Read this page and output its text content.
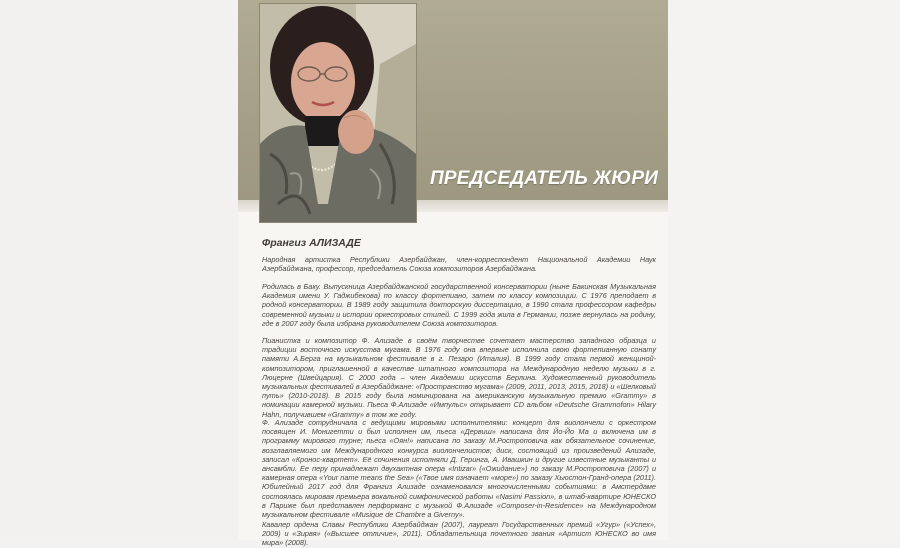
ПРЕДСЕДАТЕЛЬ ЖЮРИ
Франгиз АЛИЗАДЕ
Народная артистка Республики Азербайджан, член-корреспондент Национальной Академии Наук Азербайджана, профессор, председатель Союза композиторов Азербайджана.
Родилась в Баку. Выпускница Азербайджанской государственной консерватории (ныне Бакинская Музыкальная Академия имени У. Гаджибекова) по классу фортепиано, затем по классу композиции. С 1976 преподает в родной консерватории. В 1989 году защитила докторскую диссертацию, в 1990 стала профессором кафедры современной музыки и истории оркестровых стилей. С 1999 года жила в Германии, позже вернулась на родину, где в 2007 году была избрана руководителем Союза композиторов.
Пианистка и композитор Ф. Ализаде в своём творчестве сочетает мастерство западного образца и традиции восточного искусства мугама. В 1976 году она впервые исполнила свою фортепианную сонату памяти А.Берга на музыкальном фестивале в г. Пезаро (Италия). В 1999 году стала первой женщиной-композитором, приглашенной в качестве штатного композитора на Международную неделю музыки в г. Люцерне (Швейцария). С 2000 года – член Академии искусств Берлина. Художественный руководитель музыкальных фестивалей в Азербайджане: «Пространство мугама» (2009, 2011, 2013, 2015, 2018) и «Шелковый путь» (2010-2018). В 2015 году была номинирована на американскую музыкальную премию «Grammy» в номинации камерной музыки. Пьеса Ф.Ализаде «Импульс» открывает CD альбом «Deutsche Grammofon» Hilary Hahn, получившем «Grammy» в том же году.
Ф. Ализаде сотрудничала с ведущими мировыми исполнителями: концерт для виолончели с оркестром посвящен И. Монигетти и был исполнен им, пьеса «Дервиш» написана для Йо-Йо Ма и включена им в программу мирового турне; пьеса «Оян!» написана по заказу М.Ростроповича как обязательное сочинение, возглавляемого им Международного конкурса виолончелистов; диск, состоящий из произведений Ализаде, записал «Кронос-квартет». Её сочинения исполняли Д. Геринга, А. Ивашкин и другие известные музыканты и ансамбли. Ее перу принадлежат двухактная опера «Intizar» («Ожидание») по заказу М.Ростроповича (2007) и камерная опера «Your name means the Sea» («Твое имя означает «море») по заказу Хьюстон-Гранд-опера (2011). Юбилейный 2017 год для Франгиз Ализаде ознаменовался многочисленными событиями: в Амстердаме состоялась мировая премьера вокальной симфонической работы «Nasimi Passion», в штаб-квартире ЮНЕСКО в Париже был представлен перформанс с музыкой Ф.Ализаде «Composer-in-Residence» на Международном музыкальном фестивале «Musique de Chambre a Giverny».
Кавалер ордена Славы Республики Азербайджан (2007), лауреат Государственных премий «Угур» («Успех», 2009) и «Зирвя» («Высшее отличие», 2011). Обладательница почетного звания «Артист ЮНЕСКО во имя мира» (2008).
